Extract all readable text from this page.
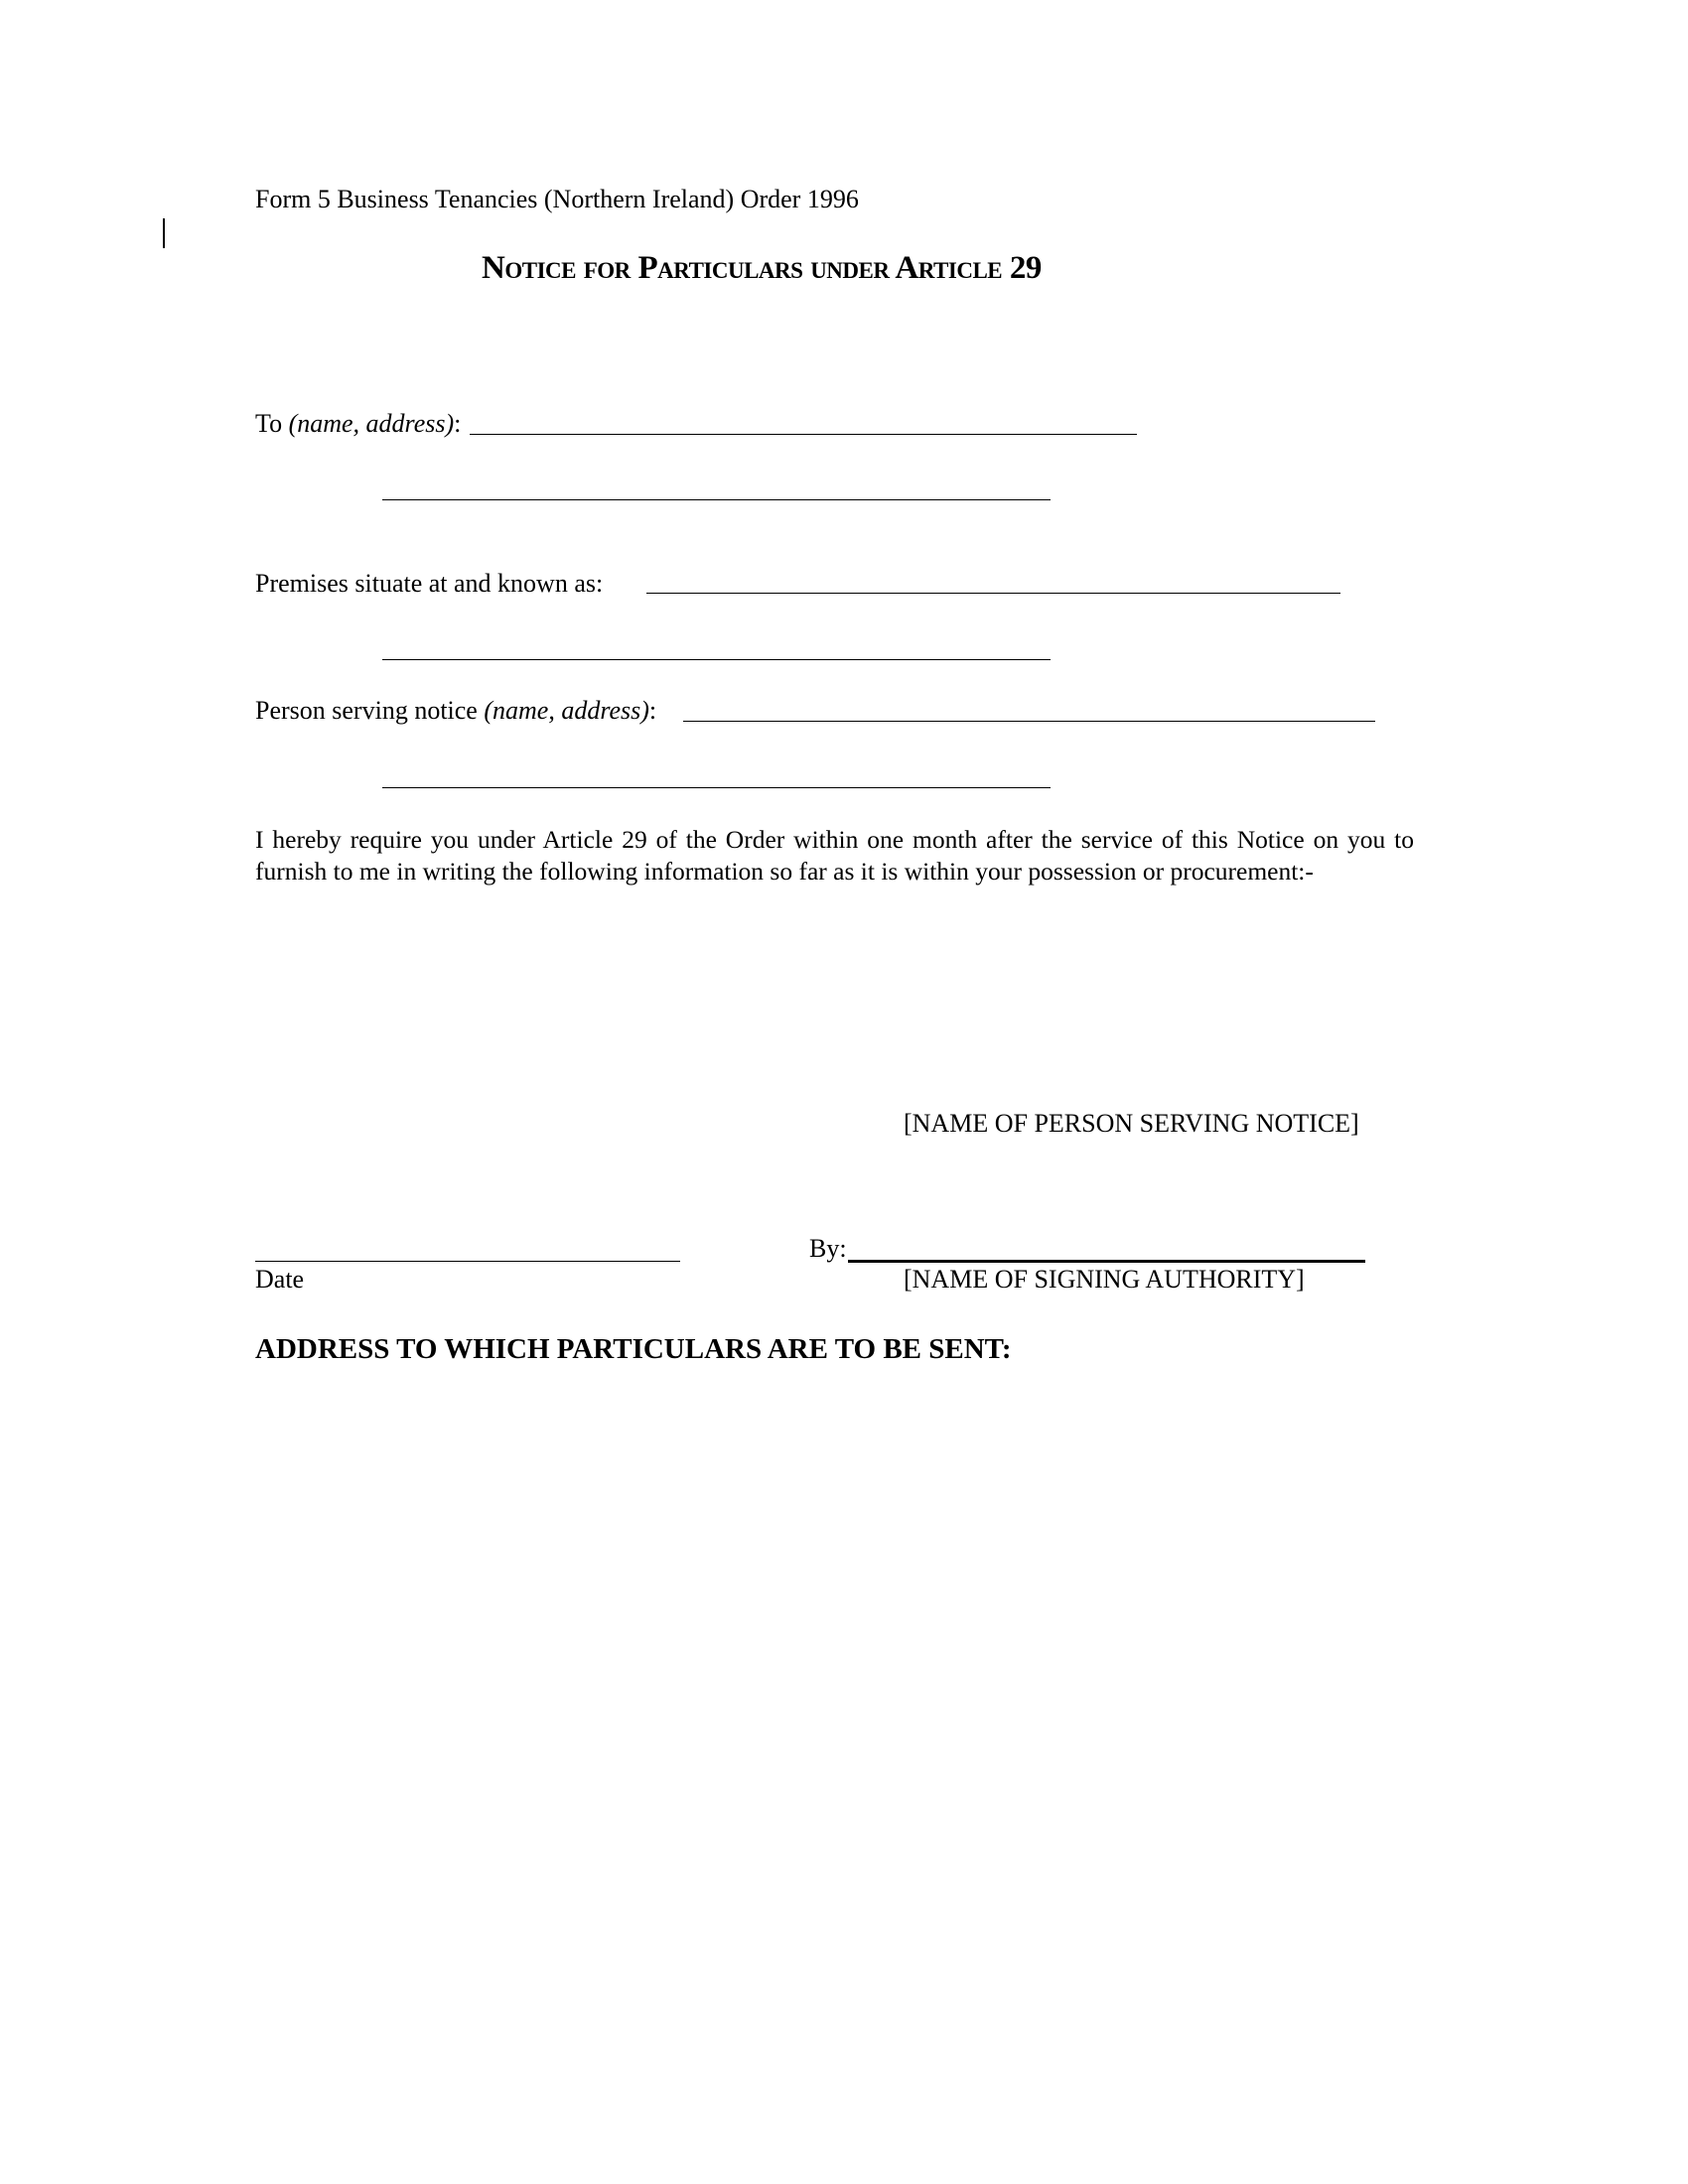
Form 5 Business Tenancies (Northern Ireland) Order 1996
Notice for Particulars under Article 29
To (name, address):
Premises situate at and known as:
Person serving notice (name, address):
I hereby require you under Article 29 of the Order within one month after the service of this Notice on you to furnish to me in writing the following information so far as it is within your possession or procurement:-
[NAME OF PERSON SERVING NOTICE]
Date
By:
[NAME OF SIGNING AUTHORITY]
ADDRESS TO WHICH PARTICULARS ARE TO BE SENT:
